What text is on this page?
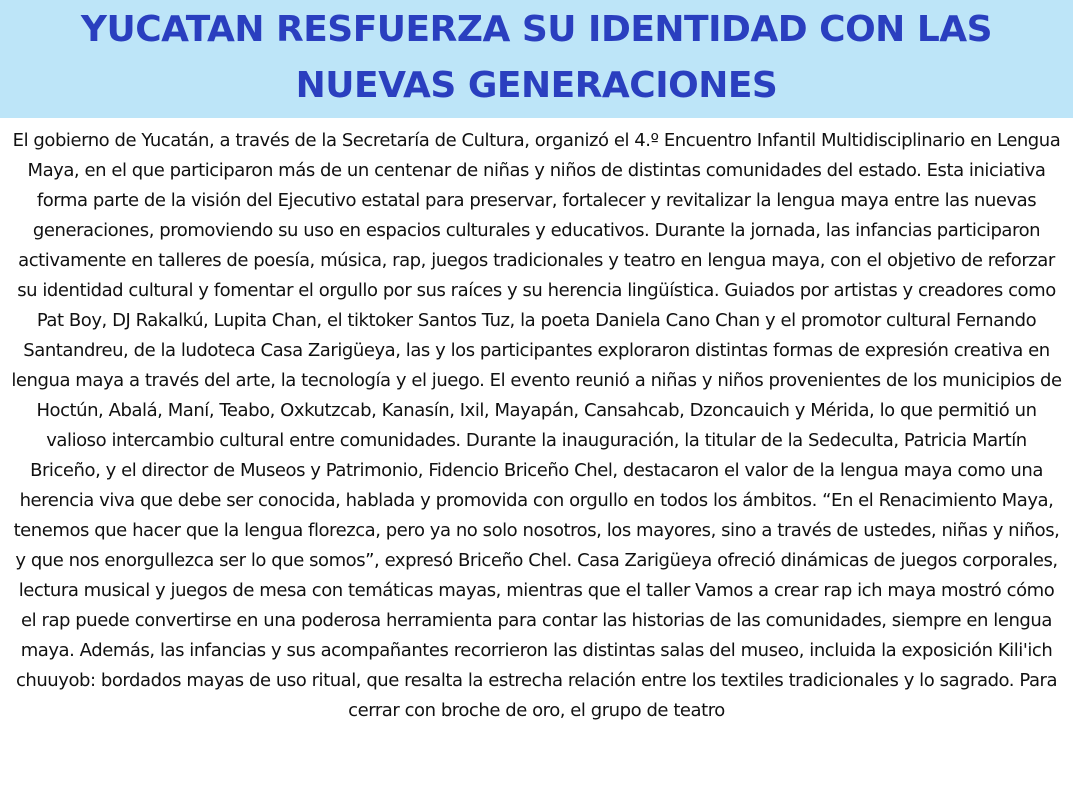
YUCATAN RESFUERZA SU IDENTIDAD CON LAS NUEVAS GENERACIONES

El gobierno de Yucatán, a través de la Secretaría de Cultura, organizó el 4.º Encuentro Infantil Multidisciplinario en Lengua Maya, en el que participaron más de un centenar de niñas y niños de distintas comunidades del estado. Esta iniciativa forma parte de la visión del Ejecutivo estatal para preservar, fortalecer y revitalizar la lengua maya entre las nuevas generaciones, promoviendo su uso en espacios culturales y educativos. Durante la jornada, las infancias participaron activamente en talleres de poesía, música, rap, juegos tradicionales y teatro en lengua maya, con el objetivo de reforzar su identidad cultural y fomentar el orgullo por sus raíces y su herencia lingüística. Guiados por artistas y creadores como Pat Boy, DJ Rakalkú, Lupita Chan, el tiktoker Santos Tuz, la poeta Daniela Cano Chan y el promotor cultural Fernando Santandreu, de la ludoteca Casa Zarigüeya, las y los participantes exploraron distintas formas de expresión creativa en lengua maya a través del arte, la tecnología y el juego. El evento reunió a niñas y niños provenientes de los municipios de Hoctún, Abalá, Maní, Teabo, Oxkutzcab, Kanasín, Ixil, Mayapán, Cansahcab, Dzoncauich y Mérida, lo que permitió un valioso intercambio cultural entre comunidades. Durante la inauguración, la titular de la Sedeculta, Patricia Martín Briceño, y el director de Museos y Patrimonio, Fidencio Briceño Chel, destacaron el valor de la lengua maya como una herencia viva que debe ser conocida, hablada y promovida con orgullo en todos los ámbitos. “En el Renacimiento Maya, tenemos que hacer que la lengua florezca, pero ya no solo nosotros, los mayores, sino a través de ustedes, niñas y niños, y que nos enorgullezca ser lo que somos”, expresó Briceño Chel. Casa Zarigüeya ofreció dinámicas de juegos corporales, lectura musical y juegos de mesa con temáticas mayas, mientras que el taller Vamos a crear rap ich maya mostró cómo el rap puede convertirse en una poderosa herramienta para contar las historias de las comunidades, siempre en lengua maya. Además, las infancias y sus acompañantes recorrieron las distintas salas del museo, incluida la exposición Kili'ich chuuyob: bordados mayas de uso ritual, que resalta la estrecha relación entre los textiles tradicionales y lo sagrado. Para cerrar con broche de oro, el grupo de teatro
